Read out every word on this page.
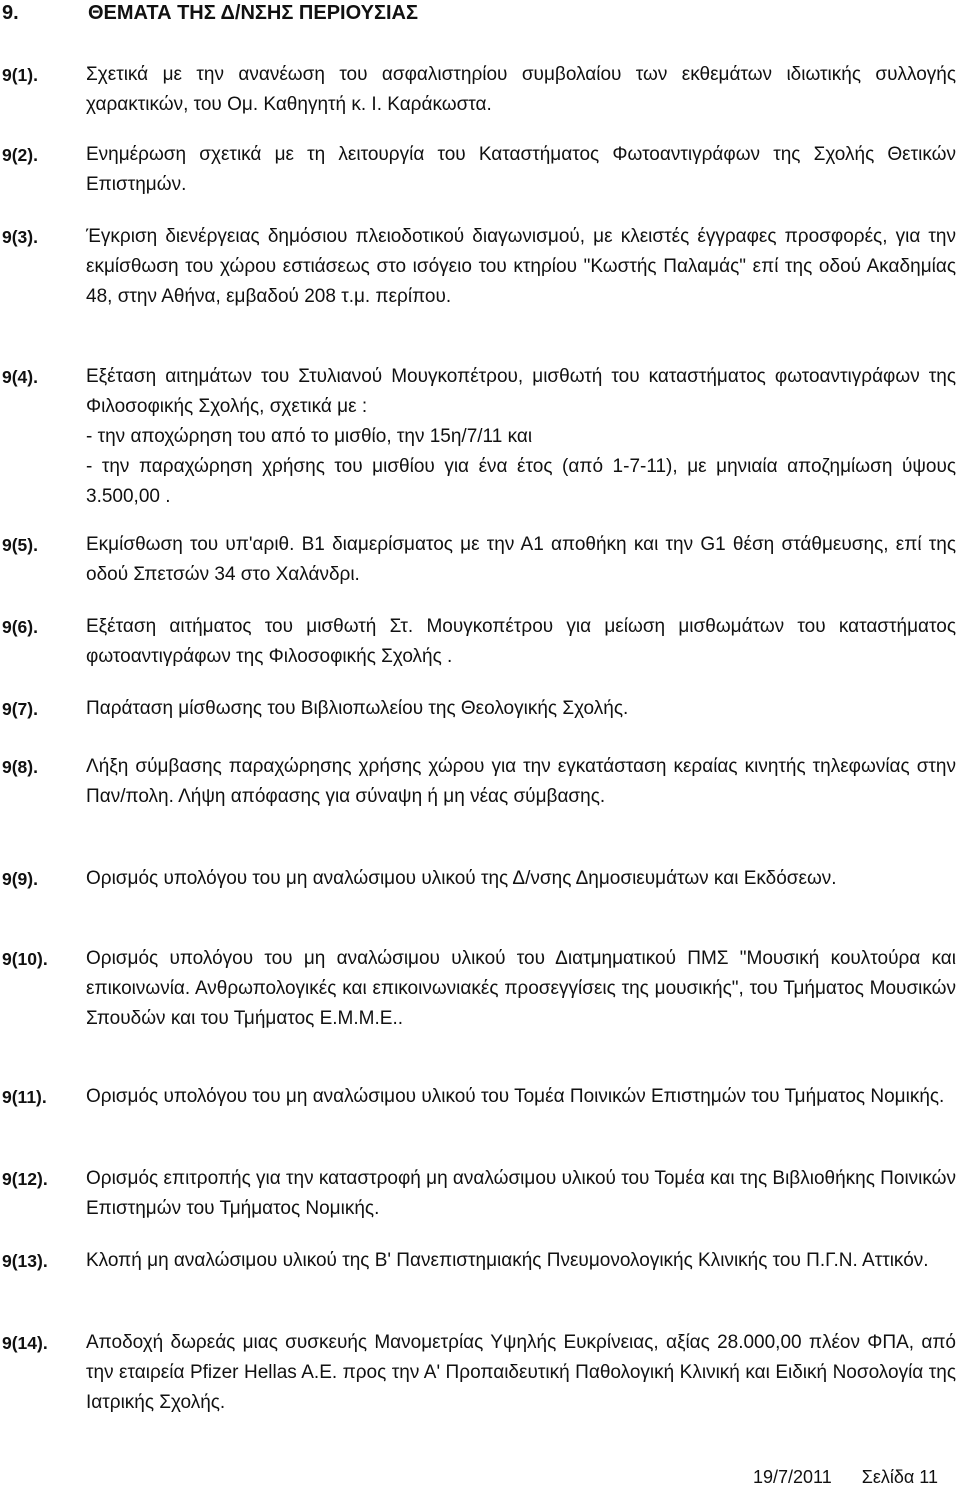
9.	ΘΕΜΑΤΑ ΤΗΣ Δ/ΝΣΗΣ ΠΕΡΙΟΥΣΙΑΣ
9(1).	Σχετικά με την ανανέωση του ασφαλιστηρίου συμβολαίου των εκθεμάτων ιδιωτικής συλλογής χαρακτικών, του Ομ. Καθηγητή κ. Ι. Καράκωστα.
9(2).	Ενημέρωση σχετικά με τη λειτουργία του Καταστήματος Φωτοαντιγράφων της Σχολής Θετικών Επιστημών.
9(3).	Έγκριση διενέργειας δημόσιου πλειοδοτικού διαγωνισμού, με κλειστές έγγραφες προσφορές, για την εκμίσθωση του χώρου εστιάσεως στο ισόγειο του κτηρίου "Κωστής Παλαμάς" επί της οδού Ακαδημίας 48, στην Αθήνα, εμβαδού 208 τ.μ. περίπου.
9(4).	Εξέταση αιτημάτων του Στυλιανού Μουγκοπέτρου, μισθωτή του καταστήματος φωτοαντιγράφων της Φιλοσοφικής Σχολής, σχετικά με :
- την αποχώρηση του από το μισθίο, την 15η/7/11 και
- την παραχώρηση χρήσης του μισθίου για ένα έτος (από 1-7-11), με μηνιαία αποζημίωση ύψους 3.500,00 .
9(5).	Εκμίσθωση του υπ'αριθ. Β1 διαμερίσματος με την Α1 αποθήκη και την G1 θέση στάθμευσης, επί της οδού Σπετσών 34 στο Χαλάνδρι.
9(6).	Εξέταση αιτήματος του μισθωτή Στ. Μουγκοπέτρου για μείωση μισθωμάτων του καταστήματος φωτοαντιγράφων της Φιλοσοφικής Σχολής .
9(7).	Παράταση μίσθωσης του Βιβλιοπωλείου της Θεολογικής Σχολής.
9(8).	Λήξη σύμβασης παραχώρησης χρήσης χώρου για την εγκατάσταση κεραίας κινητής τηλεφωνίας στην Παν/πολη. Λήψη απόφασης για σύναψη ή μη νέας σύμβασης.
9(9).	Ορισμός υπολόγου του μη αναλώσιμου υλικού της Δ/νσης Δημοσιευμάτων και Εκδόσεων.
9(10). Ορισμός υπολόγου του μη αναλώσιμου υλικού του Διατμηματικού ΠΜΣ "Μουσική κουλτούρα και επικοινωνία. Ανθρωπολογικές και επικοινωνιακές προσεγγίσεις της μουσικής", του Τμήματος Μουσικών Σπουδών και του Τμήματος Ε.Μ.Μ.Ε..
9(11). Ορισμός υπολόγου του μη αναλώσιμου υλικού του Τομέα Ποινικών Επιστημών του Τμήματος Νομικής.
9(12). Ορισμός επιτροπής για την καταστροφή μη αναλώσιμου υλικού του Τομέα και της Βιβλιοθήκης Ποινικών Επιστημών του Τμήματος Νομικής.
9(13). Κλοπή μη αναλώσιμου υλικού της Β' Πανεπιστημιακής Πνευμονολογικής Κλινικής του Π.Γ.Ν. Αττικόν.
9(14). Αποδοχή δωρεάς μιας συσκευής Μανομετρίας Υψηλής Ευκρίνειας, αξίας 28.000,00 πλέον ΦΠΑ, από την εταιρεία Pfizer Hellas A.E. προς την Α' Προπαιδευτική Παθολογική Κλινική και Ειδική Νοσολογία της Ιατρικής Σχολής.
19/7/2011 Σελίδα 11
